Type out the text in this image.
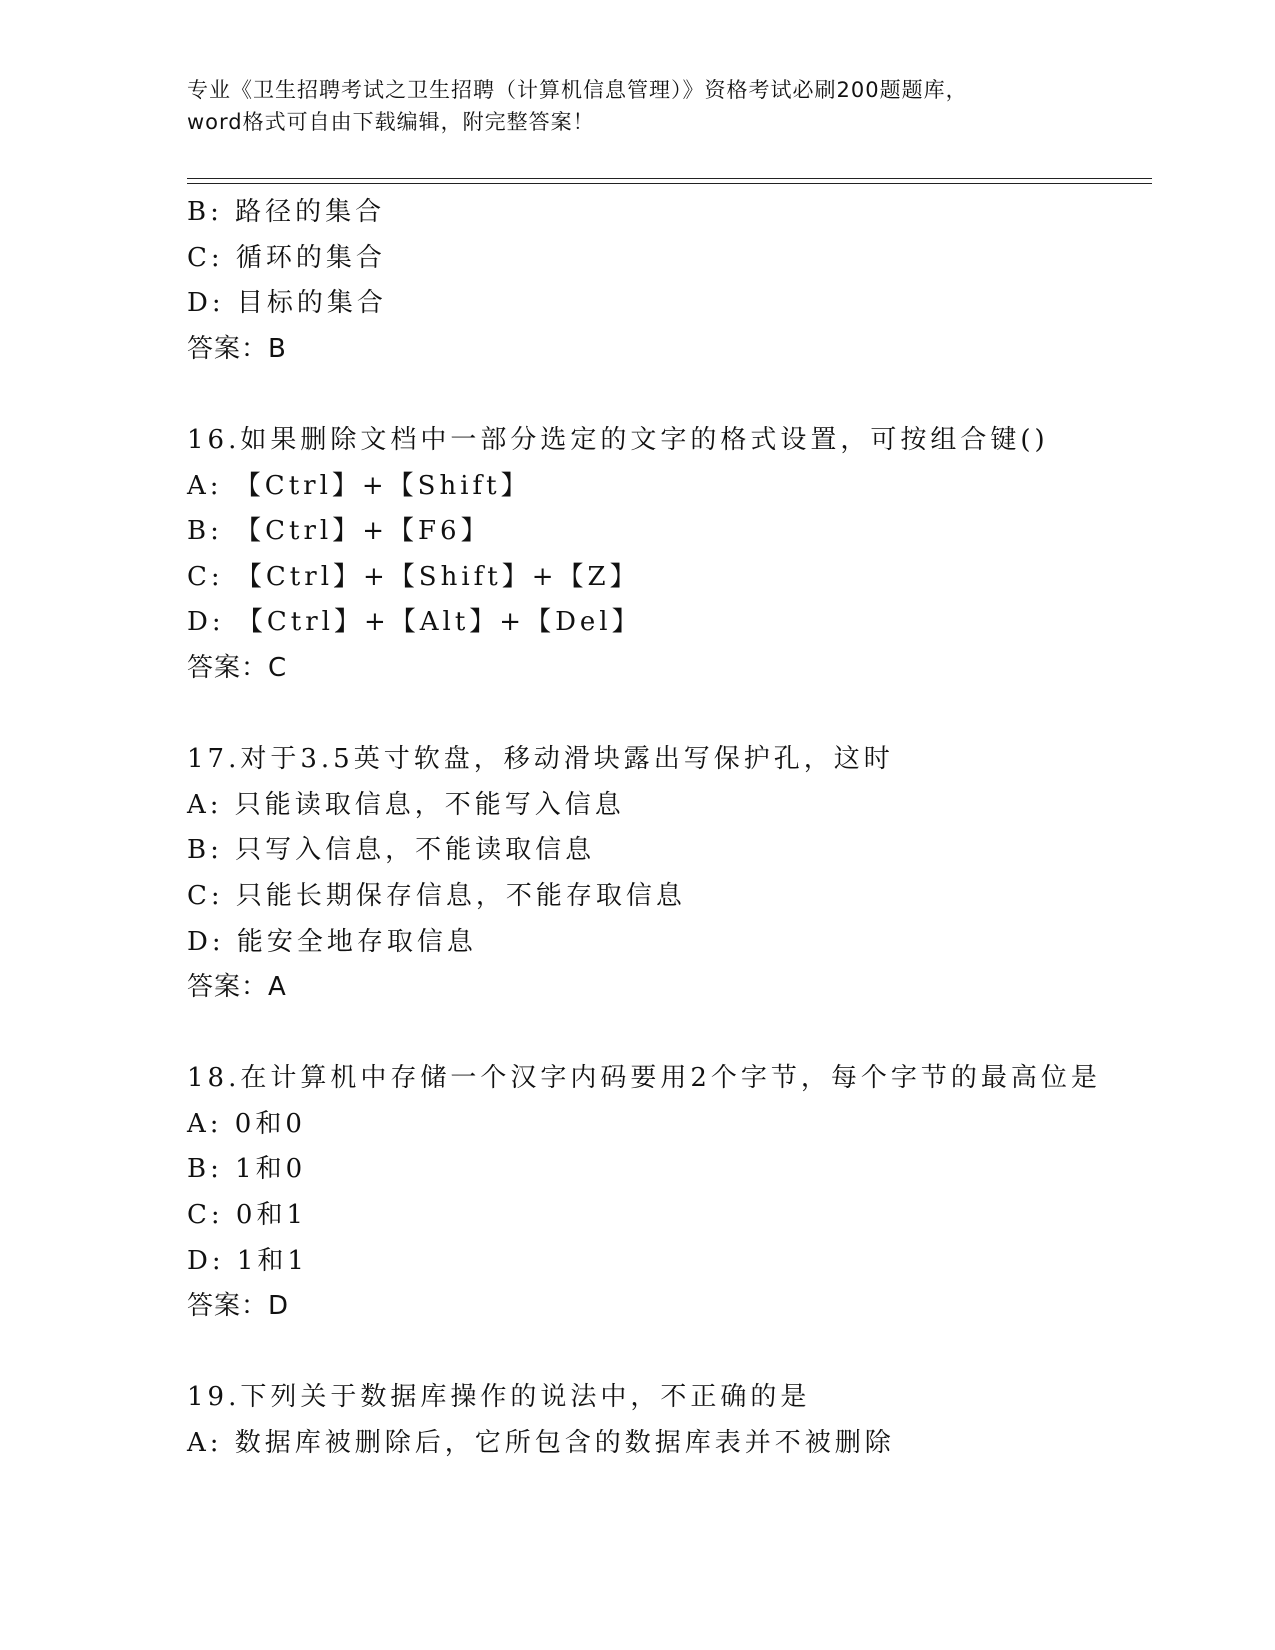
专业《卫生招聘考试之卫生招聘（计算机信息管理）》资格考试必刷200题题库，
word格式可自由下载编辑，附完整答案！
B: 路径的集合
C: 循环的集合
D: 目标的集合
答案：B
16.如果删除文档中一部分选定的文字的格式设置，可按组合键()
A: 【Ctrl】+【Shift】
B: 【Ctrl】+【F6】
C: 【Ctrl】+【Shift】+【Z】
D: 【Ctrl】+【Alt】+【Del】
答案：C
17.对于3.5英寸软盘，移动滑块露出写保护孔，这时
A: 只能读取信息，不能写入信息
B: 只写入信息，不能读取信息
C: 只能长期保存信息，不能存取信息
D: 能安全地存取信息
答案：A
18.在计算机中存储一个汉字内码要用2个字节，每个字节的最高位是
A: 0和0
B: 1和0
C: 0和1
D: 1和1
答案：D
19.下列关于数据库操作的说法中，不正确的是
A: 数据库被删除后，它所包含的数据库表并不被删除
